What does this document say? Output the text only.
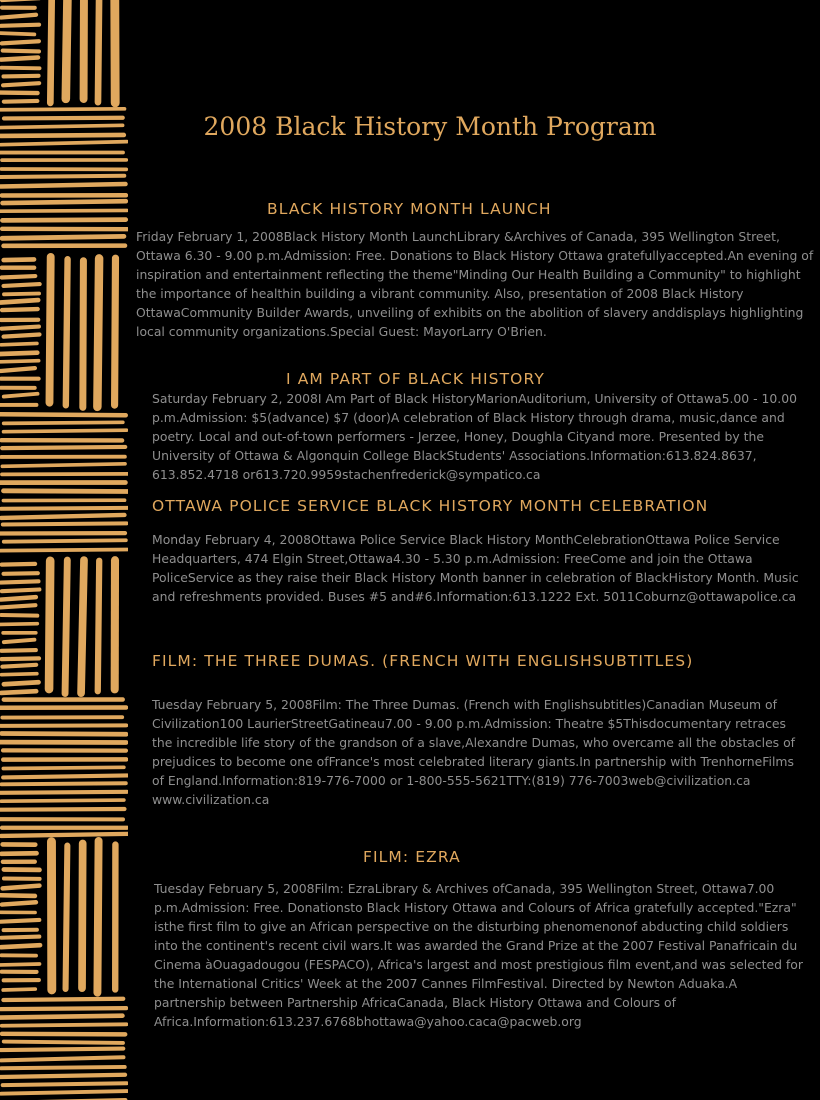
2008 Black History Month Program
BLACK HISTORY MONTH LAUNCH

Friday February 1, 2008Black History Month LaunchLibrary &Archives of Canada, 395 Wellington Street, Ottawa 6.30 - 9.00 p.m.Admission: Free. Donations to Black History Ottawa gratefullyaccepted.An evening of inspiration and entertainment reflecting the theme"Minding Our Health Building a Community" to highlight the importance of healthin building a vibrant community. Also, presentation of 2008 Black History OttawaCommunity Builder Awards, unveiling of exhibits on the abolition of slavery anddisplays highlighting local community organizations.Special Guest: MayorLarry O'Brien.

I AM PART OF BLACK HISTORY

Saturday February 2, 2008I Am Part of Black HistoryMarionAuditorium, University of Ottawa5.00 - 10.00 p.m.Admission: $5(advance) $7 (door)A celebration of Black History through drama, music,dance and poetry. Local and out-of-town performers - Jerzee, Honey, Doughla Cityand more. Presented by the University of Ottawa & Algonquin College BlackStudents' Associations.Information:613.824.8637, 613.852.4718 or613.720.9959stachenfrederick@sympatico.ca

OTTAWA POLICE SERVICE BLACK HISTORY MONTH CELEBRATION

Monday February 4, 2008Ottawa Police Service Black History MonthCelebrationOttawa Police Service Headquarters, 474 Elgin Street,Ottawa4.30 - 5.30 p.m.Admission: FreeCome and join the Ottawa PoliceService as they raise their Black History Month banner in celebration of BlackHistory Month. Music and refreshments provided. Buses #5 and#6.Information:613.1222 Ext. 5011Coburnz@ottawapolice.ca

FILM: THE THREE DUMAS. (FRENCH WITH ENGLISHSUBTITLES)

Tuesday February 5, 2008Film: The Three Dumas. (French with Englishsubtitles)Canadian Museum of Civilization100 LaurierStreetGatineau7.00 - 9.00 p.m.Admission: Theatre $5Thisdocumentary retraces the incredible life story of the grandson of a slave,Alexandre Dumas, who overcame all the obstacles of prejudices to become one ofFrance's most celebrated literary giants.In partnership with TrenhorneFilms of England.Information:819-776-7000 or 1-800-555-5621TTY:(819) 776-7003web@civilization.ca www.civilization.ca

FILM: EZRA

Tuesday February 5, 2008Film: EzraLibrary & Archives ofCanada, 395 Wellington Street, Ottawa7.00 p.m.Admission: Free. Donationsto Black History Ottawa and Colours of Africa gratefully accepted."Ezra" isthe first film to give an African perspective on the disturbing phenomenonof abducting child soldiers into the continent's recent civil wars.It was awarded the Grand Prize at the 2007 Festival Panafricain du Cinema àOuagadougou (FESPACO), Africa's largest and most prestigious film event,and was selected for the International Critics' Week at the 2007 Cannes FilmFestival. Directed by Newton Aduaka.A partnership between Partnership AfricaCanada, Black History Ottawa and Colours of Africa.Information:613.237.6768bhottawa@yahoo.caca@pacweb.org
